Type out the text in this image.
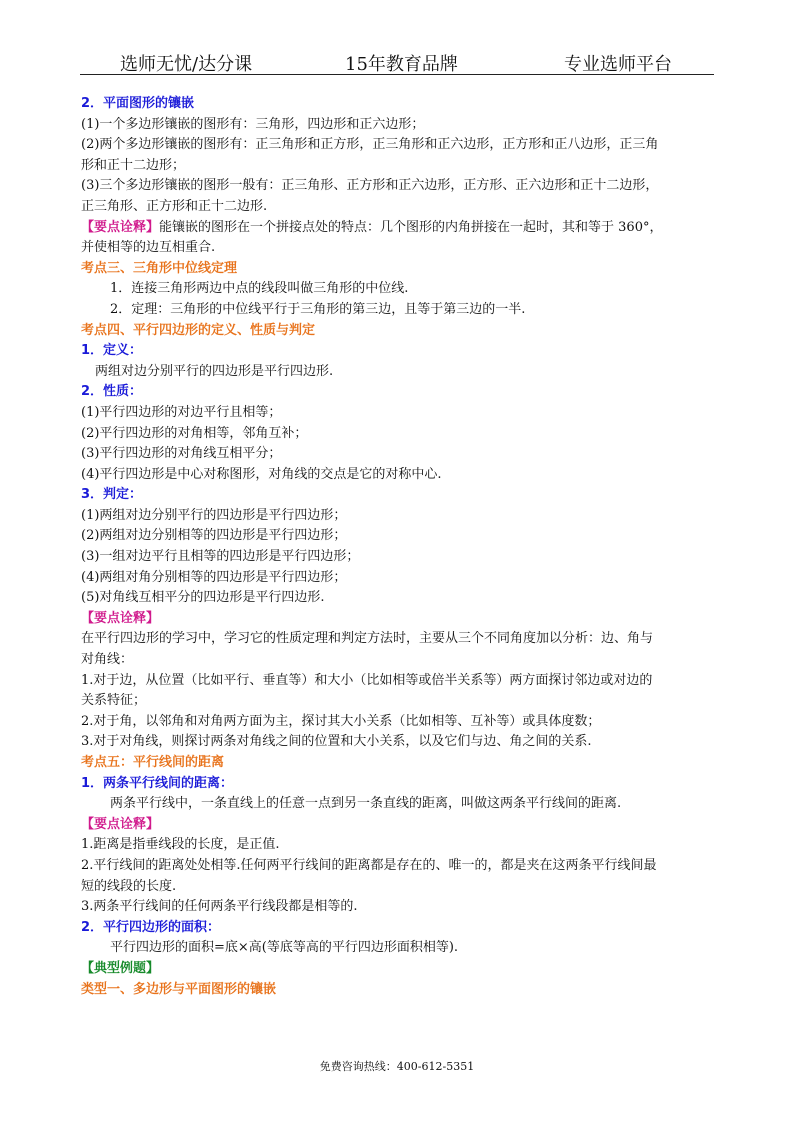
选师无忧/达分课	15年教育品牌	专业选师平台
2．平面图形的镶嵌
(1)一个多边形镶嵌的图形有：三角形，四边形和正六边形；
(2)两个多边形镶嵌的图形有：正三角形和正方形，正三角形和正六边形，正方形和正八边形，正三角
形和正十二边形；
(3)三个多边形镶嵌的图形一般有：正三角形、正方形和正六边形，正方形、正六边形和正十二边形，
正三角形、正方形和正十二边形.
【要点诠释】能镶嵌的图形在一个拼接点处的特点：几个图形的内角拼接在一起时，其和等于 360°，
并使相等的边互相重合.
考点三、三角形中位线定理
1．连接三角形两边中点的线段叫做三角形的中位线.
2．定理：三角形的中位线平行于三角形的第三边，且等于第三边的一半.
考点四、平行四边形的定义、性质与判定
1．定义：
两组对边分别平行的四边形是平行四边形.
2．性质：
(1)平行四边形的对边平行且相等；
(2)平行四边形的对角相等，邻角互补；
(3)平行四边形的对角线互相平分；
(4)平行四边形是中心对称图形，对角线的交点是它的对称中心.
3．判定：
(1)两组对边分别平行的四边形是平行四边形；
(2)两组对边分别相等的四边形是平行四边形；
(3)一组对边平行且相等的四边形是平行四边形；
(4)两组对角分别相等的四边形是平行四边形；
(5)对角线互相平分的四边形是平行四边形.
【要点诠释】
在平行四边形的学习中，学习它的性质定理和判定方法时，主要从三个不同角度加以分析：边、角与
对角线：
1.对于边，从位置（比如平行、垂直等）和大小（比如相等或倍半关系等）两方面探讨邻边或对边的
关系特征；
2.对于角，以邻角和对角两方面为主，探讨其大小关系（比如相等、互补等）或具体度数；
3.对于对角线，则探讨两条对角线之间的位置和大小关系，以及它们与边、角之间的关系.
考点五：平行线间的距离
1．两条平行线间的距离：
两条平行线中，一条直线上的任意一点到另一条直线的距离，叫做这两条平行线间的距离.
【要点诠释】
1.距离是指垂线段的长度，是正值.
2.平行线间的距离处处相等.任何两平行线间的距离都是存在的、唯一的，都是夹在这两条平行线间最
短的线段的长度.
3.两条平行线间的任何两条平行线段都是相等的.
2．平行四边形的面积：
平行四边形的面积=底×高(等底等高的平行四边形面积相等).
【典型例题】
类型一、多边形与平面图形的镶嵌
免费咨询热线：400-612-5351
